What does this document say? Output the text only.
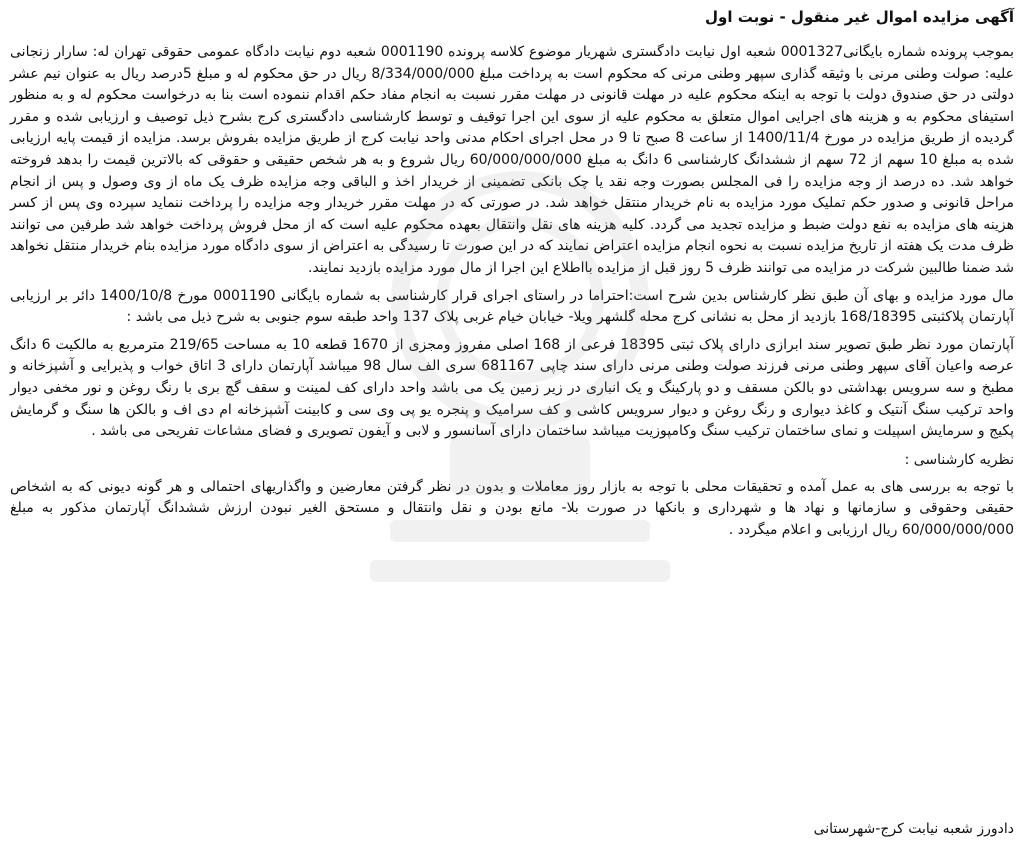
آگهی مزایده اموال غیر منقول - نوبت اول

بموجب پرونده شماره بایگانی0001327 شعبه اول نیابت دادگستری شهریار موضوع کلاسه پرونده 0001190 شعبه دوم نیابت دادگاه عمومی حقوقی تهران له: سارار زنجانی علیه: صولت وطنی مرنی با وثیقه گذاری سپهر وطنی مرنی که محکوم است به پرداخت مبلغ 8/334/000/000 ریال در حق محکوم له و مبلغ 5درصد ریال به عنوان نیم عشر دولتی در حق صندوق دولت با توجه به اینکه محکوم علیه در مهلت قانونی در مهلت مقرر نسبت به انجام مفاد حکم اقدام ننموده است بنا به درخواست محکوم له و به منظور استیفای محکوم به و هزینه های اجرایی اموال متعلق به محکوم علیه از سوی این اجرا توقیف و توسط کارشناسی دادگستری کرج بشرح ذیل توصیف و ارزیابی شده و مقرر گردیده از طریق مزایده در مورخ 1400/11/4 از ساعت 8 صبح تا 9 در محل اجرای احکام مدنی واحد نیابت کرج از طریق مزایده بفروش برسد. مزایده از قیمت پایه ارزیابی شده به مبلغ 10 سهم از 72 سهم از ششدانگ کارشناسی 6 دانگ به مبلغ 60/000/000/000 ریال شروع و به هر شخص حقیقی و حقوقی که بالاترین قیمت را بدهد فروخته خواهد شد. ده درصد از وجه مزایده را فی المجلس بصورت وجه نقد یا چک بانکی تضمینی از خریدار اخذ و الباقی وجه مزایده ظرف یک ماه از وی وصول و پس از انجام مراحل قانونی و صدور حکم تملیک مورد مزایده به نام خریدار منتقل خواهد شد. در صورتی که در مهلت مقرر خریدار وجه مزایده را پرداخت ننماید سپرده وی پس از کسر هزینه های مزایده به نفع دولت ضبط و مزایده تجدید می گردد. کلیه هزینه های نقل وانتقال بعهده محکوم علیه است که از محل فروش پرداخت خواهد شد طرفین می توانند ظرف مدت یک هفته از تاریخ مزایده نسبت به نحوه انجام مزایده اعتراض نمایند که در این صورت تا رسیدگی به اعتراض از سوی دادگاه مورد مزایده بنام خریدار منتقل نخواهد شد ضمنا طالبین شرکت در مزایده می توانند ظرف 5 روز قبل از مزایده بااطلاع این اجرا از مال مورد مزایده بازدید نمایند.

مال مورد مزایده و بهای آن طبق نظر کارشناس بدین شرح است:احتراما در راستای اجرای قرار کارشناسی به شماره بایگانی 0001190 مورخ 1400/10/8 دائر بر ارزیابی آپارتمان پلاکثبتی 168/18395 بازدید از محل به نشانی کرج محله گلشهر ویلا- خیابان خیام غربی پلاک 137 واحد طبقه سوم جنوبی به شرح ذیل می باشد :

آپارتمان مورد نظر طبق تصویر سند ابرازی دارای پلاک ثبتی 18395 فرعی از 168 اصلی مفروز ومجزی از 1670 قطعه 10 به مساحت 219/65 مترمربع به مالکیت 6 دانگ عرصه واعیان آقای سپهر وطنی مرنی فرزند صولت وطنی مرنی دارای سند چاپی 681167 سری الف سال 98 میباشد آپارتمان دارای 3 اتاق خواب و پذیرایی و آشپزخانه و مطبخ و سه سرویس بهداشتی دو بالکن مسقف و دو پارکینگ و یک انباری در زیر زمین یک می باشد واحد دارای کف لمینت و سقف گچ بری با رنگ روغن و نور مخفی دیوار واحد ترکیب سنگ آنتیک و کاغذ دیواری و رنگ روغن و دیوار سرویس کاشی و کف سرامیک و پنجره یو پی وی سی و کابینت آشپزخانه ام دی اف و بالکن ها سنگ و گرمایش پکیج و سرمایش اسپیلت و نمای ساختمان ترکیب سنگ وکامپوزیت میباشد ساختمان دارای آسانسور و لابی و آیفون تصویری و فضای مشاعات تفریحی می باشد .

نظریه کارشناسی :

با توجه به بررسی های به عمل آمده و تحقیقات محلی با توجه به بازار روز معاملات و بدون در نظر گرفتن معارضین و واگذاریهای احتمالی و هر گونه دیونی که به اشخاص حقیقی وحقوقی و سازمانها و نهاد ها و شهرداری و بانکها در صورت بلا- مانع بودن و نقل وانتقال و مستحق الغیر نبودن ارزش ششدانگ آپارتمان مذکور به مبلغ 60/000/000/000 ریال ارزیابی و اعلام میگردد .

دادورز شعبه نیابت کرج-شهرستانی
